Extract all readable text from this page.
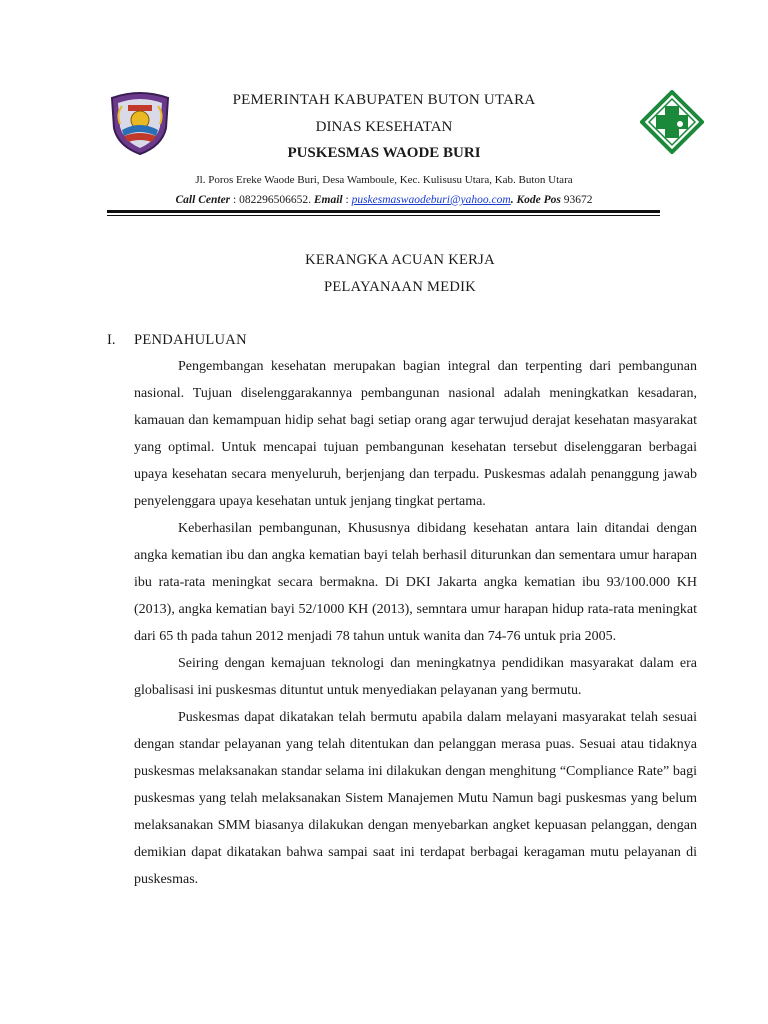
PEMERINTAH KABUPATEN BUTON UTARA
DINAS KESEHATAN
PUSKESMAS WAODE BURI
Jl. Poros Ereke Waode Buri, Desa Wamboule, Kec. Kulisusu Utara, Kab. Buton Utara
Call Center : 082296506652. Email : puskesmaswaodeburi@yahoo.com. Kode Pos 93672
KERANGKA ACUAN KERJA
PELAYANAAN MEDIK
I. PENDAHULUAN

Pengembangan kesehatan merupakan bagian integral dan terpenting dari pembangunan nasional. Tujuan diselenggarakannya pembangunan nasional adalah meningkatkan kesadaran, kamauan dan kemampuan hidip sehat bagi setiap orang agar terwujud derajat kesehatan masyarakat yang optimal. Untuk mencapai tujuan pembangunan kesehatan tersebut diselenggaran berbagai upaya kesehatan secara menyeluruh, berjenjang dan terpadu. Puskesmas adalah penanggung jawab penyelenggara upaya kesehatan untuk jenjang tingkat pertama.

Keberhasilan pembangunan, Khususnya dibidang kesehatan antara lain ditandai dengan angka kematian ibu dan angka kematian bayi telah berhasil diturunkan dan sementara umur harapan ibu rata-rata meningkat secara bermakna. Di DKI Jakarta angka kematian ibu 93/100.000 KH (2013), angka kematian bayi 52/1000 KH (2013), semntara umur harapan hidup rata-rata meningkat dari 65 th pada tahun 2012 menjadi 78 tahun untuk wanita dan 74-76 untuk pria 2005.

Seiring dengan kemajuan teknologi dan meningkatnya pendidikan masyarakat dalam era globalisasi ini puskesmas dituntut untuk menyediakan pelayanan yang bermutu.

Puskesmas dapat dikatakan telah bermutu apabila dalam melayani masyarakat telah sesuai dengan standar pelayanan yang telah ditentukan dan pelanggan merasa puas. Sesuai atau tidaknya puskesmas melaksanakan standar selama ini dilakukan dengan menghitung “Compliance Rate” bagi puskesmas yang telah melaksanakan Sistem Manajemen Mutu Namun bagi puskesmas yang belum melaksanakan SMM biasanya dilakukan dengan menyebarkan angket kepuasan pelanggan, dengan demikian dapat dikatakan bahwa sampai saat ini terdapat berbagai keragaman mutu pelayanan di puskesmas.
